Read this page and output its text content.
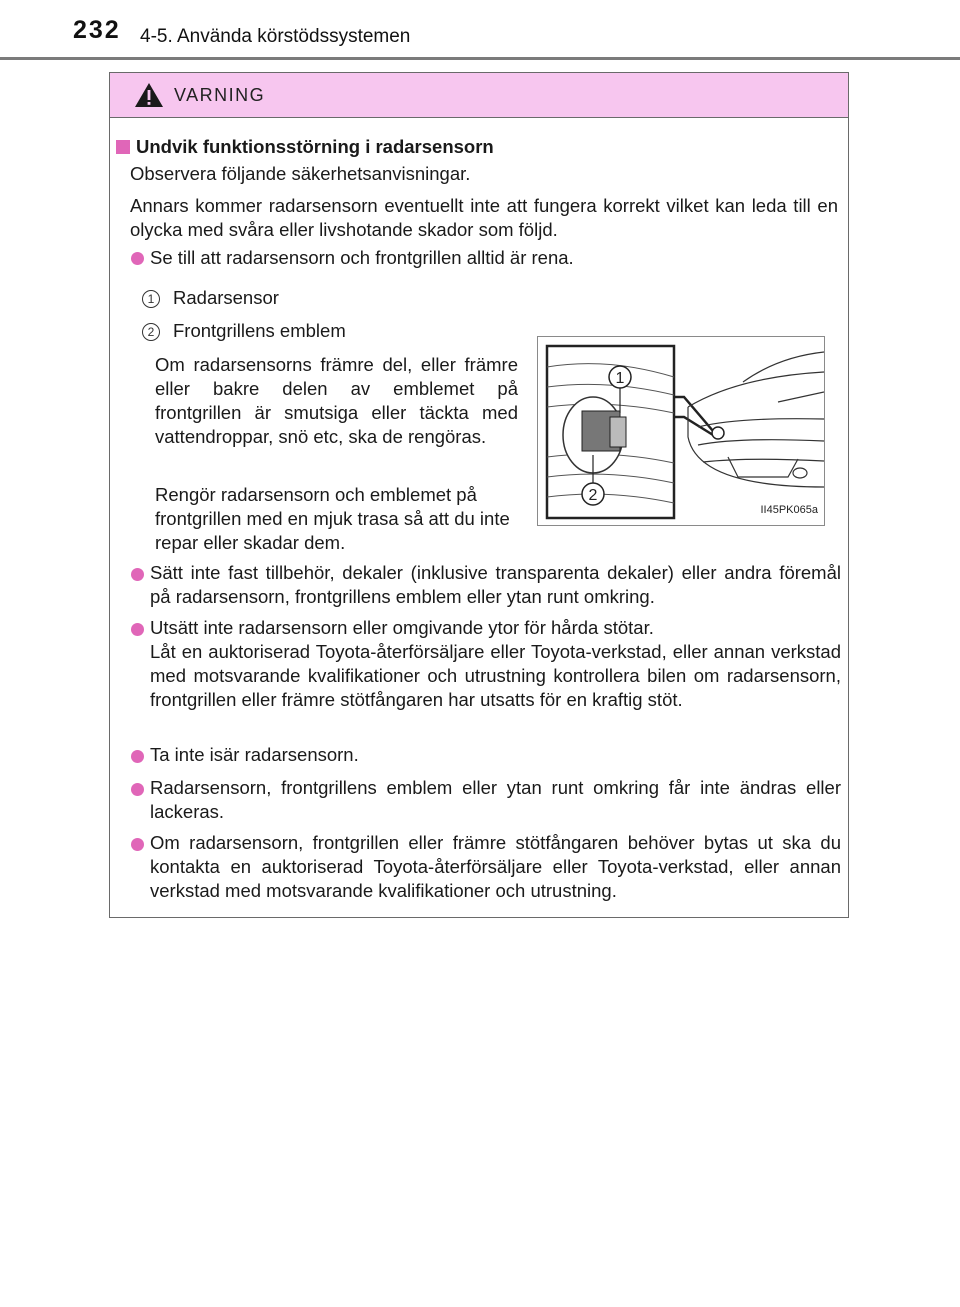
232 4-5. Använda körstödssystemen
VARNING
Undvik funktionsstörning i radarsensorn
Observera följande säkerhetsanvisningar.
Annars kommer radarsensorn eventuellt inte att fungera korrekt vilket kan leda till en olycka med svåra eller livshotande skador som följd.
Se till att radarsensorn och frontgrillen alltid är rena.
1	Radarsensor
2	Frontgrillens emblem
Om radarsensorns främre del, eller främre eller bakre delen av emblemet på frontgrillen är smutsiga eller täckta med vattendroppar, snö etc, ska de rengöras.
Rengör radarsensorn och emblemet på frontgrillen med en mjuk trasa så att du inte repar eller skadar dem.
1
2
II45PK065a
Sätt inte fast tillbehör, dekaler (inklusive transparenta dekaler) eller andra föremål på radarsensorn, frontgrillens emblem eller ytan runt omkring.
Utsätt inte radarsensorn eller omgivande ytor för hårda stötar.
Låt en auktoriserad Toyota-återförsäljare eller Toyota-verkstad, eller annan verkstad med motsvarande kvalifikationer och utrustning kontrollera bilen om radarsensorn, frontgrillen eller främre stötfångaren har utsatts för en kraftig stöt.
Ta inte isär radarsensorn.
Radarsensorn, frontgrillens emblem eller ytan runt omkring får inte ändras eller lackeras.
Om radarsensorn, frontgrillen eller främre stötfångaren behöver bytas ut ska du kontakta en auktoriserad Toyota-återförsäljare eller Toyota-verkstad, eller annan verkstad med motsvarande kvalifikationer och utrustning.
